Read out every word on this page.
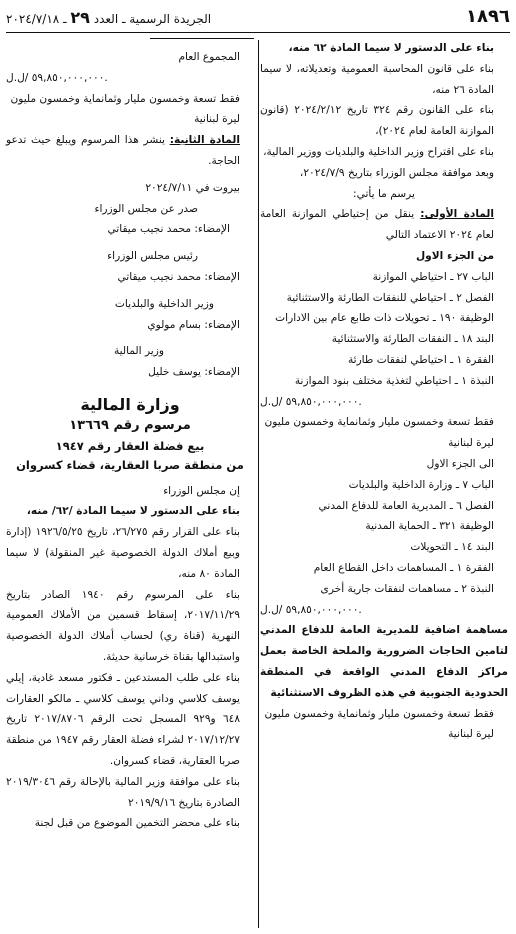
١٨٩٦
الجريدة الرسمية ـ العدد ٢٩ ـ ٢٠٢٤/٧/١٨

بناء على الدستور لا سيما المادة ٦٢ منه،

بناء على قانون المحاسبة العمومية وتعديلاته، لا سيما المادة ٢٦ منه،

بناء على القانون رقم ٣٢٤ تاريخ ٢٠٢٤/٢/١٢ (قانون الموازنة العامة لعام ٢٠٢٤)،

بناء على اقتراح وزير الداخلية والبلديات ووزير المالية،

وبعد موافقة مجلس الوزراء بتاريخ ٢٠٢٤/٧/٩،

يرسم ما يأتي:

المادة الأولى: ينقل من إحتياطي الموازنة العامة لعام ٢٠٢٤ الاعتماد التالي

من الجزء الاول

الباب ٢٧ ـ احتياطي الموازنة

الفصل ٢ ـ احتياطي للنفقات الطارئة والاستثنائية

الوظيفة ١٩٠ ـ تحويلات ذات طابع عام بين الادارات

البند ١٨ ـ النفقات الطارئة والاستثنائية

الفقرة ١ ـ احتياطي لنفقات طارئة

النبذة ١ ـ احتياطي لتغذية مختلف بنود الموازنة

٥٩,٨٥٠,٠٠٠,٠٠٠ /ل.ل.

فقط تسعة وخمسون مليار وثمانماية وخمسون مليون ليرة لبنانية

الى الجزء الاول

الباب ٧ ـ وزارة الداخلية والبلديات

الفصل ٦ ـ المديرية العامة للدفاع المدني

الوظيفة ٣٢١ ـ الحماية المدنية

البند ١٤ ـ التحويلات

الفقرة ١ ـ المساهمات داخل القطاع العام

النبذة ٢ ـ مساهمات لنفقات جارية أخرى

٥٩,٨٥٠,٠٠٠,٠٠٠ /ل.ل.

مساهمة اضافية للمديرية العامة للدفاع المدني لتامين الحاجات الضرورية والملحة الخاصة بعمل مراكز الدفاع المدني الواقعة في المنطقة الحدودية الجنوبية في هذه الظروف الاستثنائية

فقط تسعة وخمسون مليار وثمانماية وخمسون مليون ليرة لبنانية

المجموع العام

٥٩,٨٥٠,٠٠٠,٠٠٠ /ل.ل.

فقط تسعة وخمسون مليار وثمانماية وخمسون مليون ليرة لبنانية

المادة الثانية: ينشر هذا المرسوم ويبلغ حيث تدعو الحاجة.

بيروت في ٢٠٢٤/٧/١١

صدر عن مجلس الوزراء

الإمضاء: محمد نجيب ميقاتي

رئيس مجلس الوزراء

الإمضاء: محمد نجيب ميقاتي

وزير الداخلية والبلديات

الإمضاء: بسام مولوي

وزير المالية

الإمضاء: يوسف خليل

وزارة المالية

مرسوم رقم ١٣٦٦٩

بيع فضلة العقار رقم ١٩٤٧

من منطقة صربا العقارية، قضاء كسروان

إن مجلس الوزراء

بناء على الدستور لا سيما المادة /٦٢/ منه،

بناء على القرار رقم ٢٦/٢٧٥، تاريخ ١٩٢٦/٥/٢٥ (إدارة وبيع أملاك الدولة الخصوصية غير المنقولة) لا سيما المادة ٨٠ منه،

بناء على المرسوم رقم ١٩٤٠ الصادر بتاريخ ٢٠١٧/١١/٢٩، إسقاط قسمين من الأملاك العمومية النهرية (قناة ري) لحساب أملاك الدولة الخصوصية واستبدالها بقناة خرسانية حديثة.

بناء على طلب المستدعين ـ فكتور مسعد غادية، إيلي يوسف كلاسي وداني يوسف كلاسي ـ مالكو العقارات ٦٤٨ و٩٢٩ المسجل تحت الرقم ٢٠١٧/٨٧٠٦ تاريخ ٢٠١٧/١٢/٢٧ لشراء فضلة العقار رقم ١٩٤٧ من منطقة صربا العقارية، قضاء كسروان.

بناء على موافقة وزير المالية بالإحالة رقم ٢٠١٩/٣٠٤٦ الصادرة بتاريخ ٢٠١٩/٩/١٦

بناء على محضر التخمين الموضوع من قبل لجنة
